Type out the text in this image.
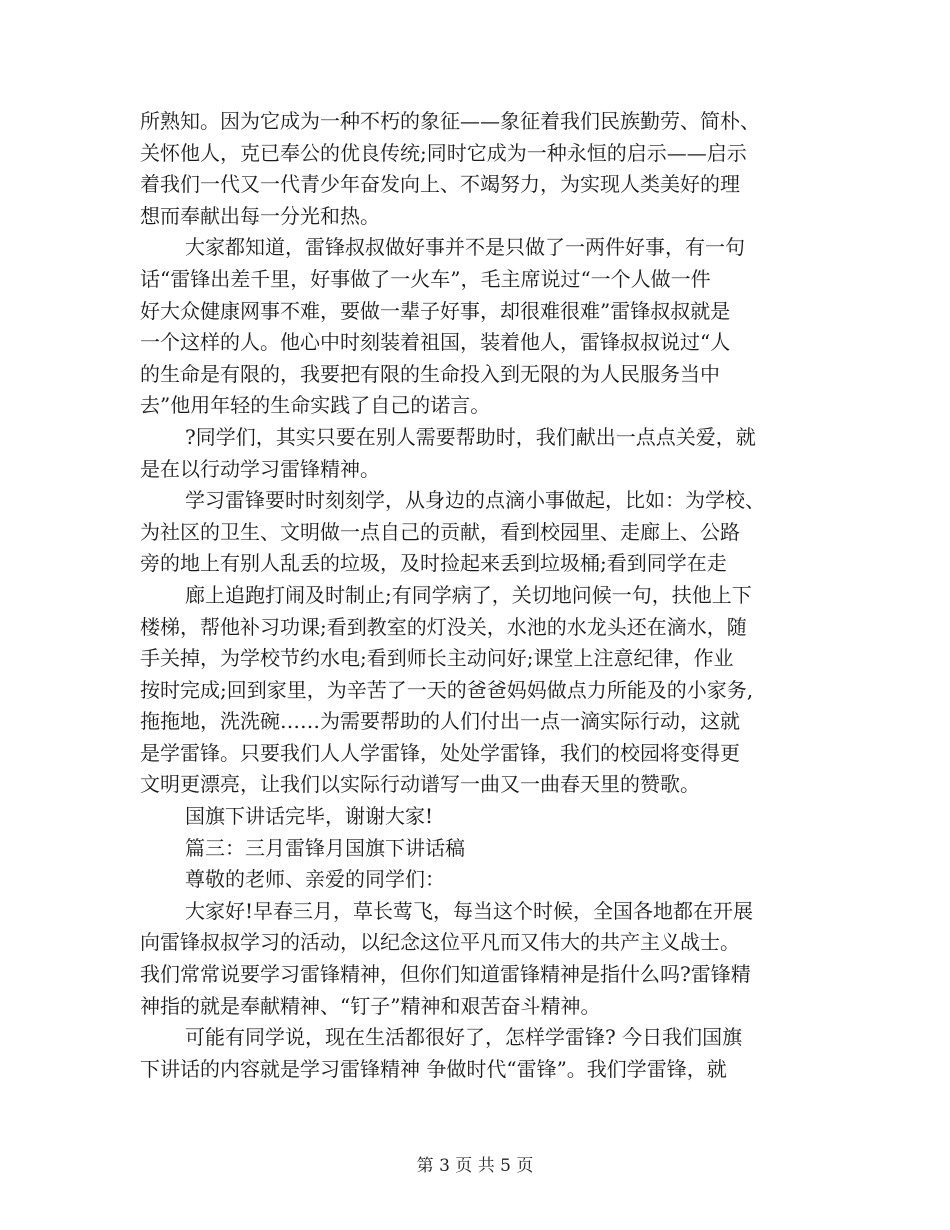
所熟知。因为它成为一种不朽的象征——象征着我们民族勤劳、简朴、
关怀他人，克已奉公的优良传统;同时它成为一种永恒的启示——启示
着我们一代又一代青少年奋发向上、不竭努力，为实现人类美好的理
想而奉献出每一分光和热。
大家都知道，雷锋叔叔做好事并不是只做了一两件好事，有一句
话“雷锋出差千里，好事做了一火车”，毛主席说过“一个人做一件
好大众健康网事不难，要做一辈子好事，却很难很难”雷锋叔叔就是
一个这样的人。他心中时刻装着祖国，装着他人，雷锋叔叔说过“人
的生命是有限的，我要把有限的生命投入到无限的为人民服务当中
去”他用年轻的生命实践了自己的诺言。
?同学们，其实只要在别人需要帮助时，我们献出一点点关爱，就
是在以行动学习雷锋精神。
学习雷锋要时时刻刻学，从身边的点滴小事做起，比如：为学校、
为社区的卫生、文明做一点自己的贡献，看到校园里、走廊上、公路
旁的地上有别人乱丢的垃圾，及时捡起来丢到垃圾桶;看到同学在走
廊上追跑打闹及时制止;有同学病了，关切地问候一句，扶他上下
楼梯，帮他补习功课;看到教室的灯没关，水池的水龙头还在滴水，随
手关掉，为学校节约水电;看到师长主动问好;课堂上注意纪律，作业
按时完成;回到家里，为辛苦了一天的爸爸妈妈做点力所能及的小家务,
拖拖地，洗洗碗……为需要帮助的人们付出一点一滴实际行动，这就
是学雷锋。只要我们人人学雷锋，处处学雷锋，我们的校园将变得更
文明更漂亮，让我们以实际行动谱写一曲又一曲春天里的赞歌。
国旗下讲话完毕，谢谢大家!
篇三：三月雷锋月国旗下讲话稿
尊敬的老师、亲爱的同学们：
大家好!早春三月，草长莺飞，每当这个时候，全国各地都在开展
向雷锋叔叔学习的活动，以纪念这位平凡而又伟大的共产主义战士。
我们常常说要学习雷锋精神，但你们知道雷锋精神是指什么吗?雷锋精
神指的就是奉献精神、“钉子”精神和艰苦奋斗精神。
可能有同学说，现在生活都很好了，怎样学雷锋? 今日我们国旗
下讲话的内容就是学习雷锋精神 争做时代“雷锋”。我们学雷锋，就
第 3 页 共 5 页
